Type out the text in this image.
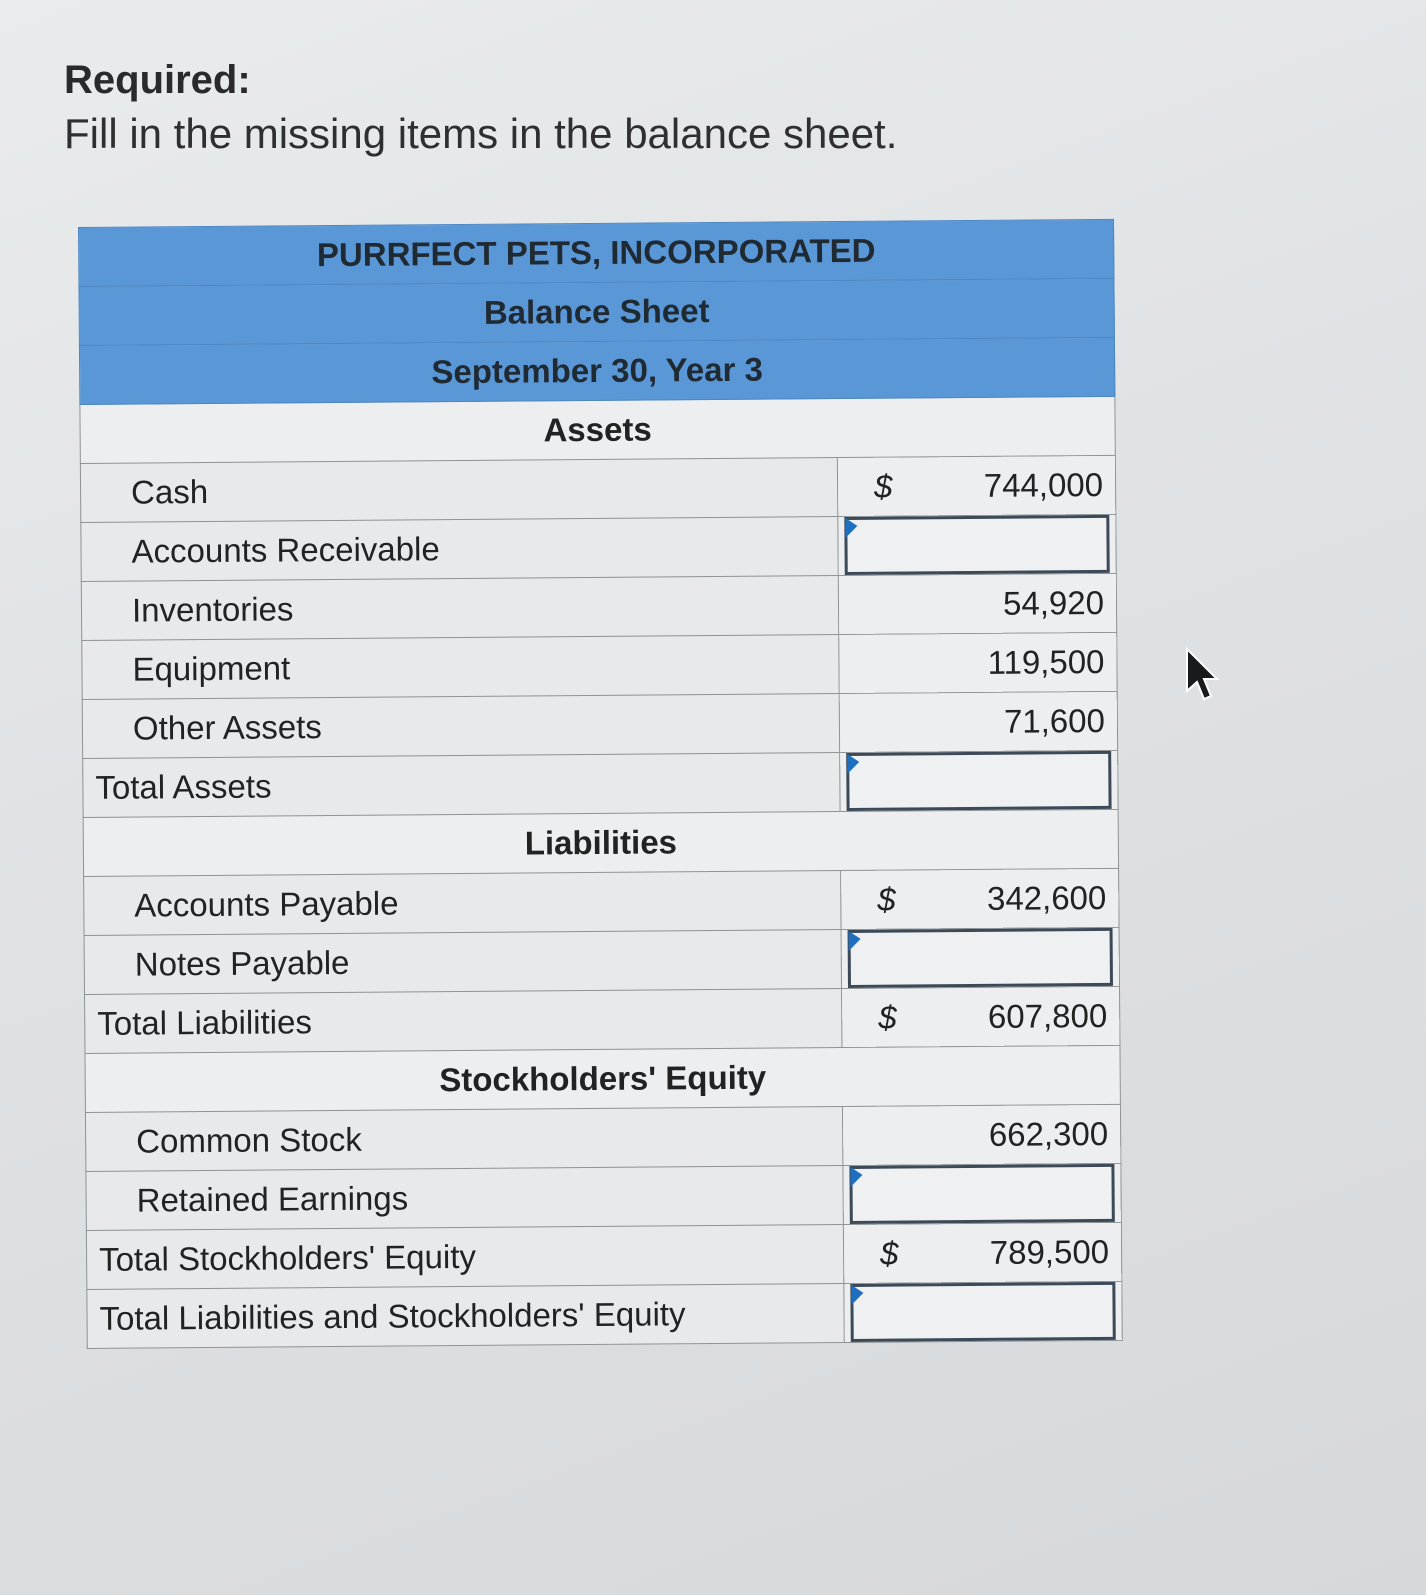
Required:
Fill in the missing items in the balance sheet.
PURRFECT PETS, INCORPORATED	
Balance Sheet	
September 30, Year 3	
Assets	
Cash	$ 744,000

Accounts Receivable	

Inventories	54,920

Equipment	119,500

Other Assets	71,600

Total Assets	

Liabilities	
Accounts Payable	$ 342,600

Notes Payable	

Total Liabilities	$ 607,800

Stockholders' Equity	
Common Stock	662,300

Retained Earnings	

Total Stockholders' Equity	$ 789,500

Total Liabilities and Stockholders' Equity	
